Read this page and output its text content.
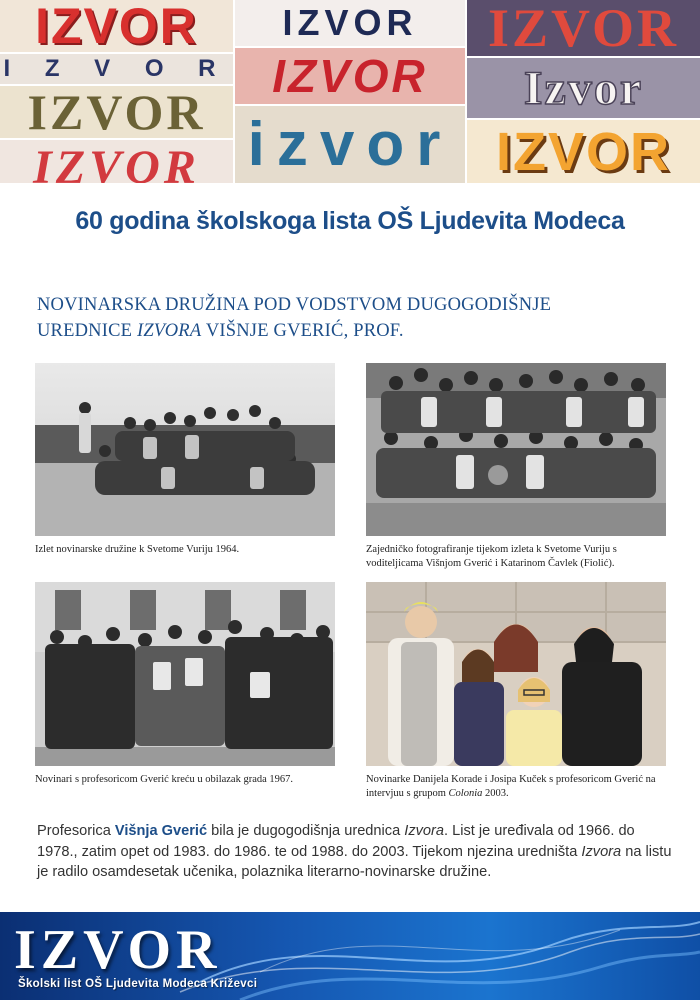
IZVOR
I Z V O R
IZVOR
IZVOR
IZVOR
IZVOR
izvor
IZVOR
Izvor
IZVOR
60 godina školskoga lista OŠ Ljudevita Modeca
NOVINARSKA DRUŽINA POD VODSTVOM DUGOGODIŠNJE
UREDNICE IZVORA VIŠNJE GVERIĆ, PROF.
Izlet novinarske družine k Svetome Vuriju 1964.	Zajedničko fotografiranje tijekom izleta k Svetome Vuriju s voditeljicama Višnjom Gverić i Katarinom Čavlek (Fiolić).
Novinari s profesoricom Gverić kreću u obilazak grada 1967.	Novinarke Danijela Korade i Josipa Kuček s profesoricom Gverić na intervjuu s grupom Colonia 2003.
Profesorica Višnja Gverić bila je dugogodišnja urednica Izvora. List je uređivala od 1966. do 1978., zatim opet od 1983. do 1986. te od 1988. do 2003. Tijekom njezina uredništa Izvora na listu je radilo osamdesetak učenika, polaznika literarno-novinarske družine.
IZVOR
Školski list OŠ Ljudevita Modeca Križevci
